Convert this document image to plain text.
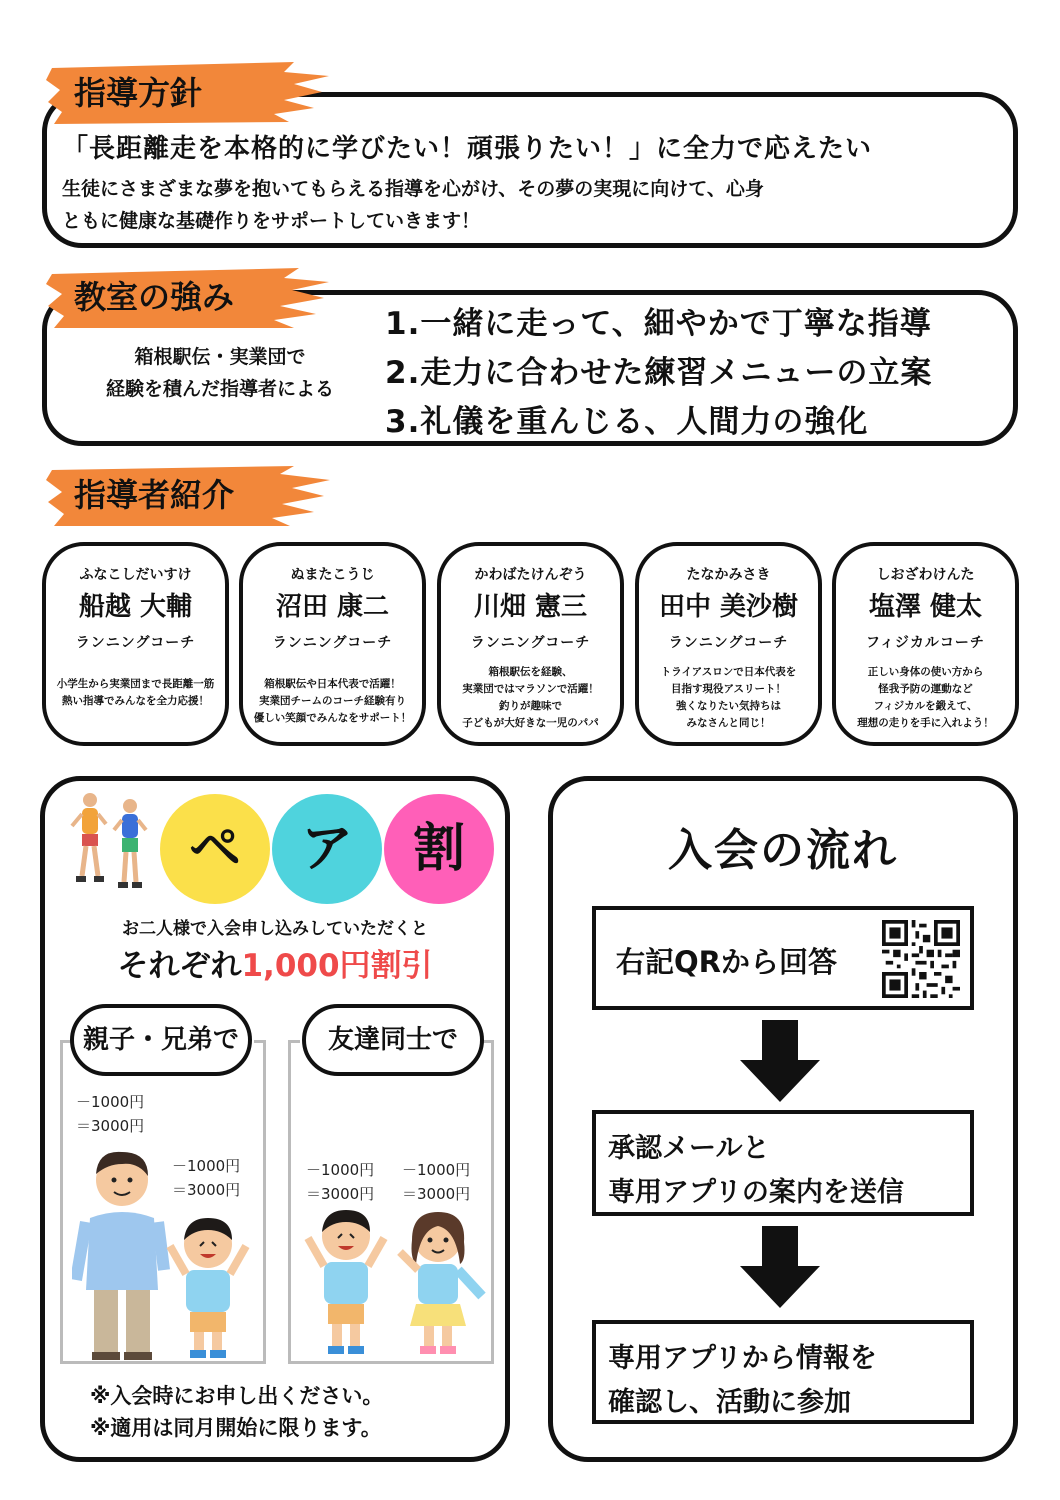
指導方針
「長距離走を本格的に学びたい！頑張りたい！」に全力で応えたい
生徒にさまざまな夢を抱いてもらえる指導を心がけ、その夢の実現に向けて、心身
ともに健康な基礎作りをサポートしていきます！
教室の強み
箱根駅伝・実業団で
経験を積んだ指導者による
1.一緒に走って、細やかで丁寧な指導
2.走力に合わせた練習メニューの立案
3.礼儀を重んじる、人間力の強化
指導者紹介
ふなこしだいすけ
船越 大輔
ランニングコーチ
小学生から実業団まで長距離一筋
熱い指導でみんなを全力応援！
ぬまたこうじ
沼田 康二
ランニングコーチ
箱根駅伝や日本代表で活躍！
実業団チームのコーチ経験有り
優しい笑顔でみんなをサポート！
かわばたけんぞう
川畑 憲三
ランニングコーチ
箱根駅伝を経験、
実業団ではマラソンで活躍！
釣りが趣味で
子どもが大好きな一児のパパ
たなかみさき
田中 美沙樹
ランニングコーチ
トライアスロンで日本代表を
目指す現役アスリート！
強くなりたい気持ちは
みなさんと同じ！
しおざわけんた
塩澤 健太
フィジカルコーチ
正しい身体の使い方から
怪我予防の運動など
フィジカルを鍛えて、
理想の走りを手に入れよう！
ペ	ア	割
お二人様で入会申し込みしていただくと
それぞれ1,000円割引
親子・兄弟で	友達同士で
－1000円
＝3000円
－1000円
＝3000円
－1000円
＝3000円
－1000円
＝3000円
※入会時にお申し出ください。
※適用は同月開始に限ります。
入会の流れ
右記QRから回答
承認メールと
専用アプリの案内を送信
専用アプリから情報を
確認し、活動に参加
